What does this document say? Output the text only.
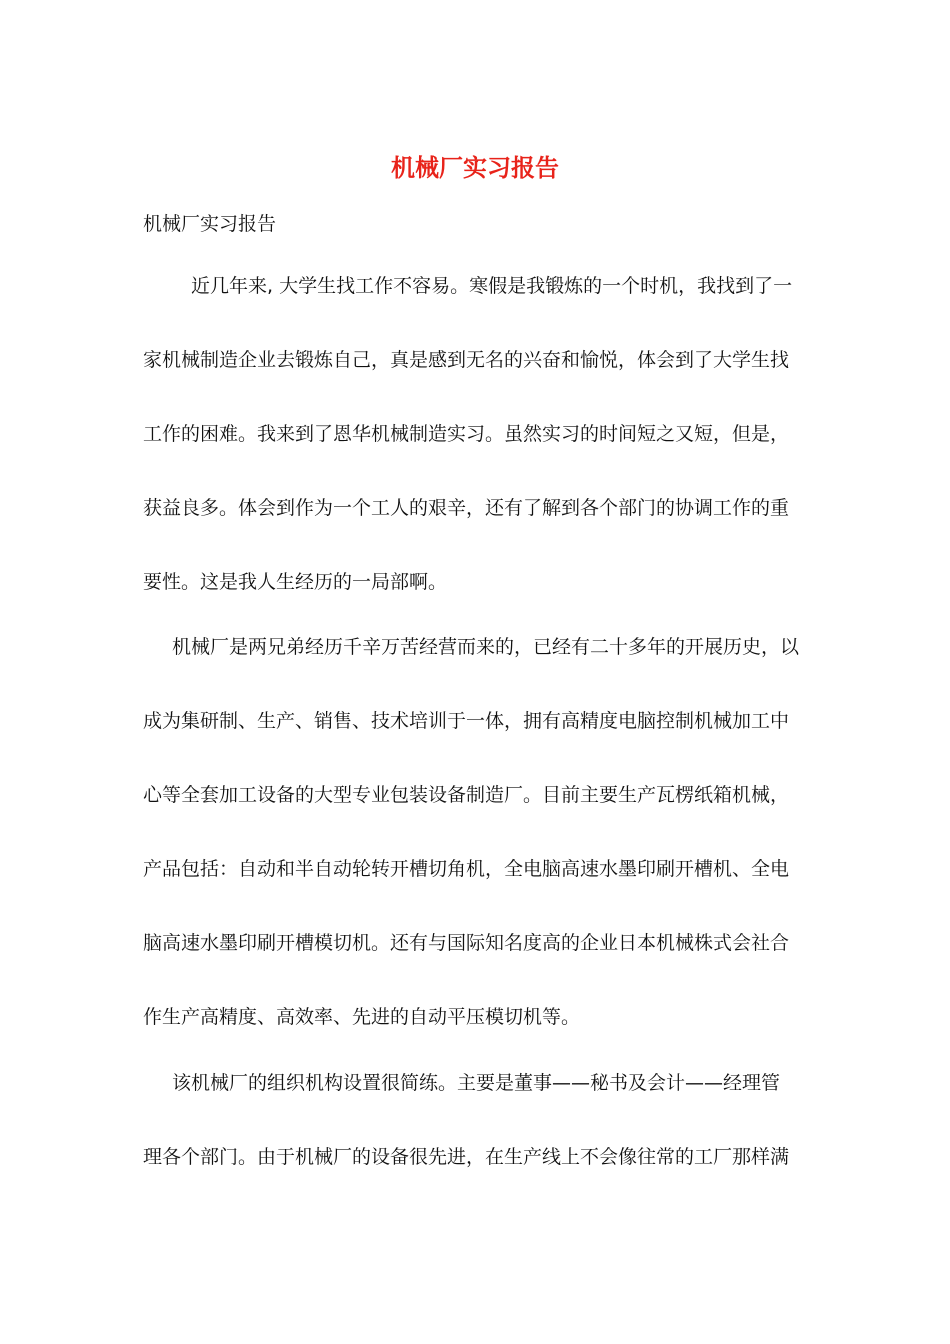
机械厂实习报告

机械厂实习报告

近几年来, 大学生找工作不容易。寒假是我锻炼的一个时机，我找到了一
家机械制造企业去锻炼自己，真是感到无名的兴奋和愉悦，体会到了大学生找
工作的困难。我来到了恩华机械制造实习。虽然实习的时间短之又短，但是，
获益良多。体会到作为一个工人的艰辛，还有了解到各个部门的协调工作的重
要性。这是我人生经历的一局部啊。
机械厂是两兄弟经历千辛万苦经营而来的，已经有二十多年的开展历史，以
成为集研制、生产、销售、技术培训于一体，拥有高精度电脑控制机械加工中
心等全套加工设备的大型专业包装设备制造厂。目前主要生产瓦楞纸箱机械，
产品包括：自动和半自动轮转开槽切角机，全电脑高速水墨印刷开槽机、全电
脑高速水墨印刷开槽模切机。还有与国际知名度高的企业日本机械株式会社合
作生产高精度、高效率、先进的自动平压模切机等。
该机械厂的组织机构设置很简练。主要是董事——秘书及会计——经理管
理各个部门。由于机械厂的设备很先进，在生产线上不会像往常的工厂那样满
